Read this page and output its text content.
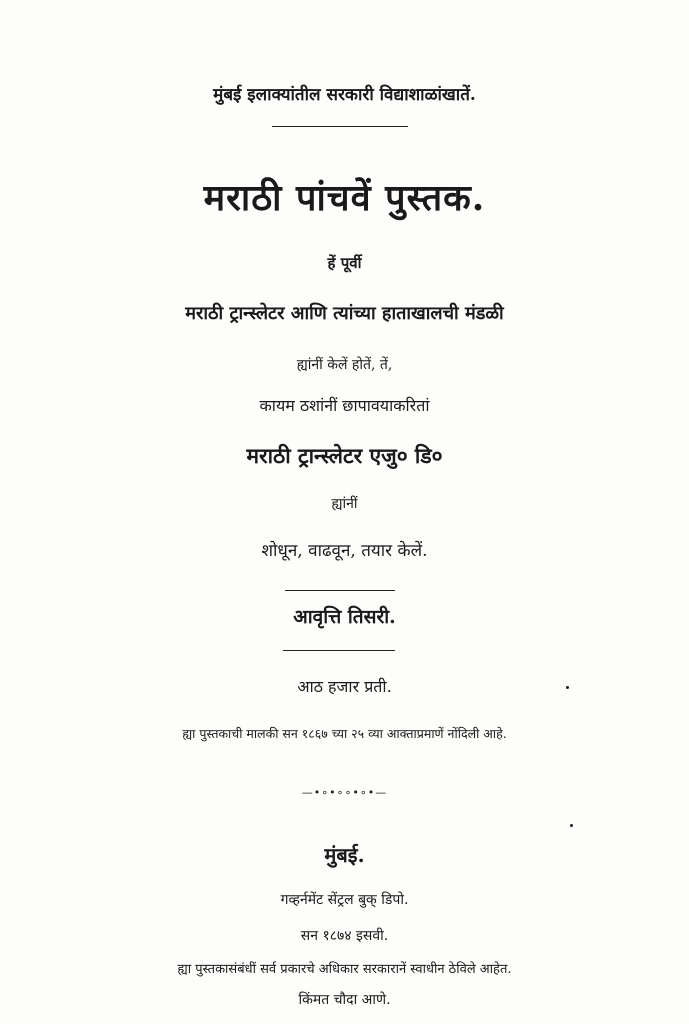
मुंबई इलाक्यांतील सरकारी विद्याशाळांखातें.
मराठी पांचवें पुस्तक.
हें पूर्वी
मराठी ट्रान्स्लेटर आणि त्यांच्या हाताखालची मंडळी
ह्यांनीं केलें होतें, तें,
कायम ठशांनीं छापावयाकरितां
मराठी ट्रान्स्लेटर एजु० डि०
ह्यांनीं
शोधून, वाढवून, तयार केलें.
आवृत्ति तिसरी.
आठ हजार प्रती.
ह्या पुस्तकाची मालकी सन १८६७ च्या २५ व्या आक्ताप्रमाणें नोंदिली आहे.
—•∘•∘∘•∘•—
मुंबई.
गव्हर्नमेंट सेंट्रल बुक् डिपो.
सन १८७४ इसवी.
ह्या पुस्तकासंबंधीं सर्व प्रकारचे अधिकार सरकारानें स्वाधीन ठेविले आहेत.
किंमत चौदा आणे.
